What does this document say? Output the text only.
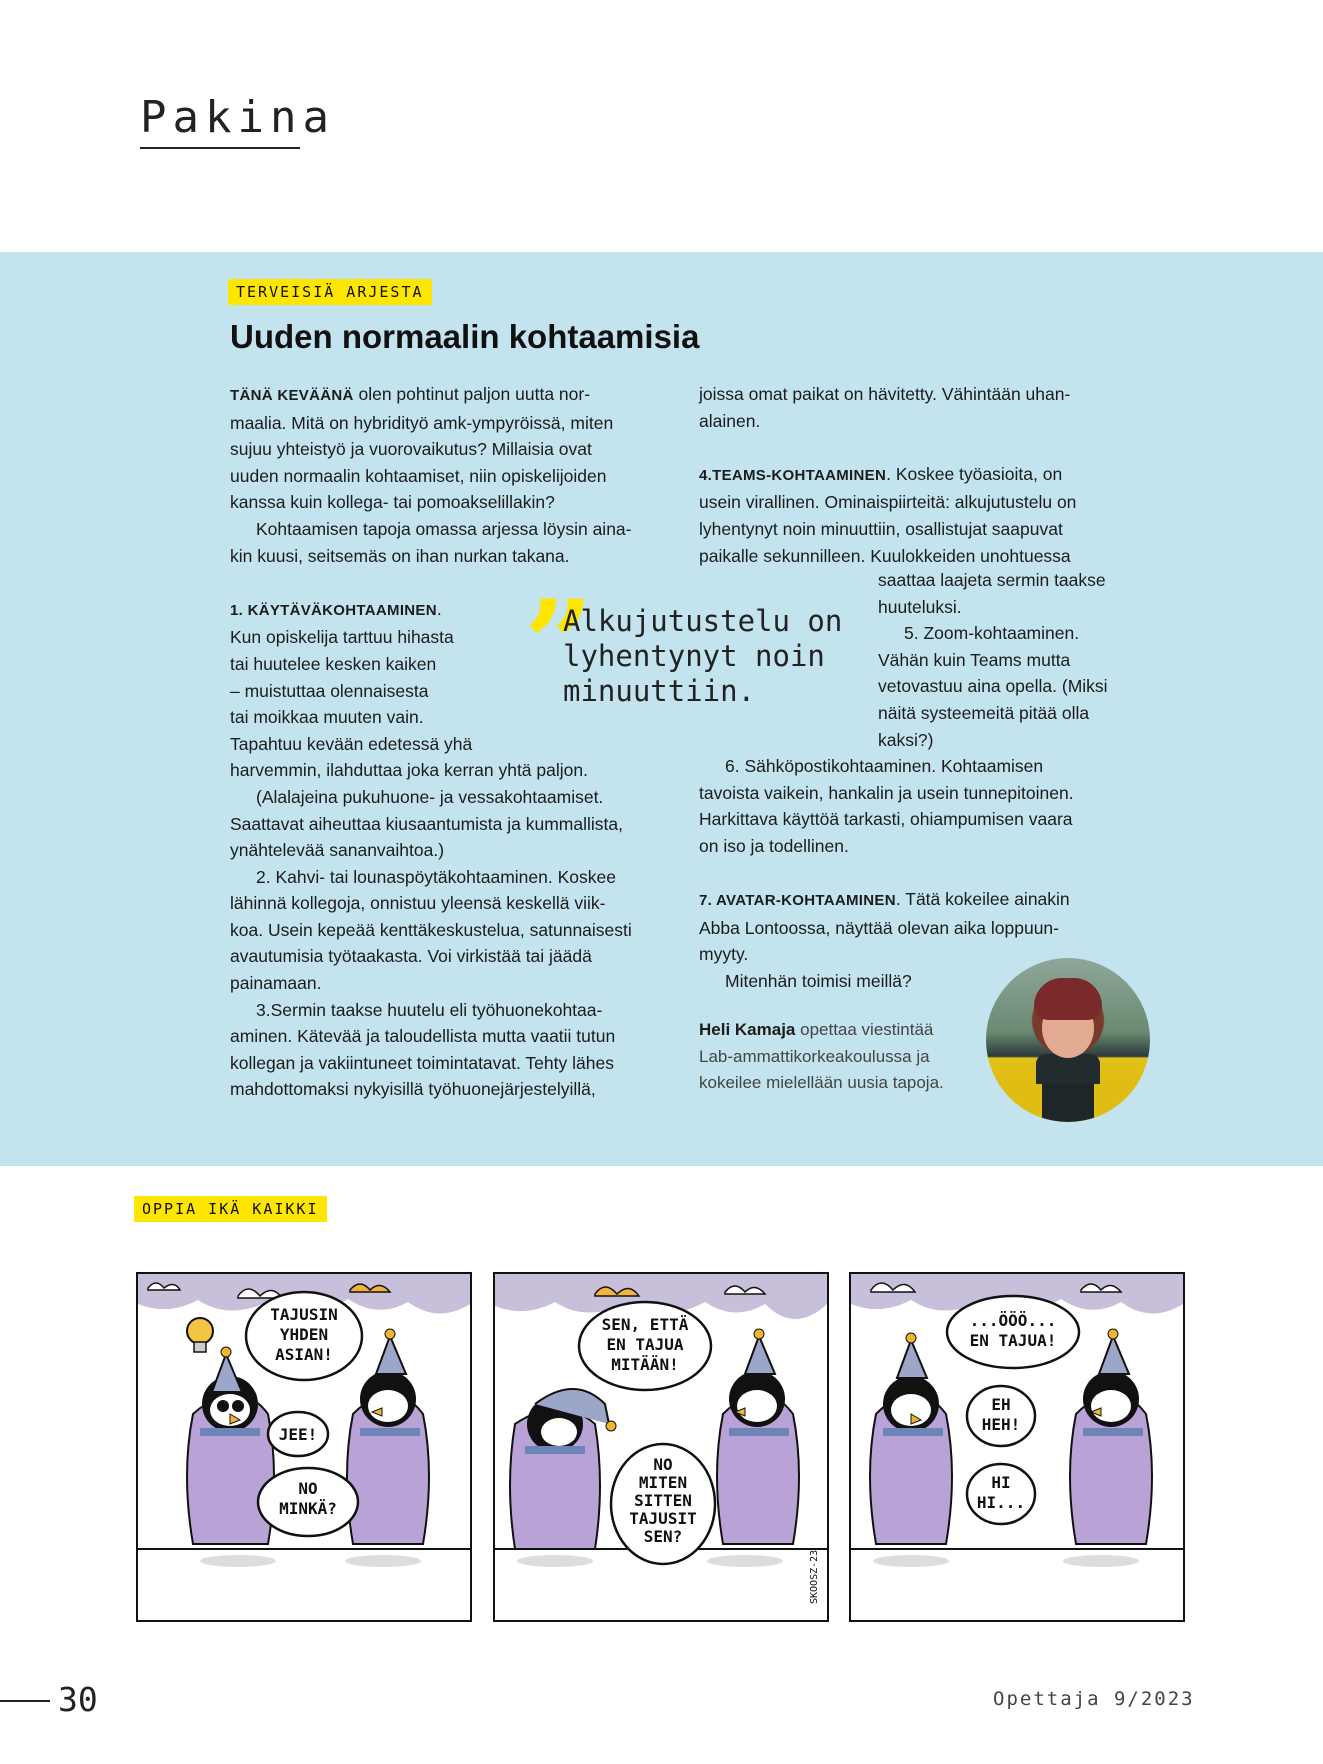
Pakina
TERVEISIÄ ARJESTA
Uuden normaalin kohtaamisia

TÄNÄ KEVÄÄNÄ olen pohtinut paljon uutta nor-

maalia. Mitä on hybridityö amk-ympyröissä, miten

sujuu yhteistyö ja vuorovaikutus? Millaisia ovat

uuden normaalin kohtaamiset, niin opiskelijoiden

kanssa kuin kollega- tai pomoakselillakin?

Kohtaamisen tapoja omassa arjessa löysin aina-

kin kuusi, seitsemäs on ihan nurkan takana.

1. KÄYTÄVÄKOHTAAMINEN.

Kun opiskelija tarttuu hihasta

tai huutelee kesken kaiken

– muistuttaa olennaisesta

tai moikkaa muuten vain.

Tapahtuu kevään edetessä yhä

harvemmin, ilahduttaa joka kerran yhtä paljon.

(Alalajeina pukuhuone- ja vessakohtaamiset.

Saattavat aiheuttaa kiusaantumista ja kummallista,

ynähtelevää sananvaihtoa.)

2. Kahvi- tai lounaspöytäkohtaaminen. Koskee

lähinnä kollegoja, onnistuu yleensä keskellä viik-

koa. Usein kepeää kenttäkeskustelua, satunnaisesti

avautumisia työtaakasta. Voi virkistää tai jäädä

painamaan.

3.Sermin taakse huutelu eli työhuonekohtaa-

aminen. Kätevää ja taloudellista mutta vaatii tutun

kollegan ja vakiintuneet toimintatavat. Tehty lähes

mahdottomaksi nykyisillä työhuonejärjestelyillä,

joissa omat paikat on hävitetty. Vähintään uhan-

alainen.

4.TEAMS-KOHTAAMINEN. Koskee työasioita, on

usein virallinen. Ominaispiirteitä: alkujutustelu on

lyhentynyt noin minuuttiin, osallistujat saapuvat

paikalle sekunnilleen. Kuulokkeiden unohtuessa

saattaa laajeta sermin taakse

huuteluksi.

5. Zoom-kohtaaminen.

Vähän kuin Teams mutta

vetovastuu aina opella. (Miksi

näitä systeemeitä pitää olla

kaksi?)

6. Sähköpostikohtaaminen. Kohtaamisen

tavoista vaikein, hankalin ja usein tunnepitoinen.

Harkittava käyttöä tarkasti, ohiampumisen vaara

on iso ja todellinen.

7. AVATAR-KOHTAAMINEN. Tätä kokeilee ainakin

Abba Lontoossa, näyttää olevan aika loppuun-

myyty.

Mitenhän toimisi meillä?

”
Alkujutustelu on
lyhentynyt noin
minuuttiin.
Heli Kamaja opettaa viestintää
Lab-ammattikorkeakoulussa ja
kokeilee mielellään uusia tapoja.
OPPIA IKÄ KAIKKI
TAJUSIN
YHDEN
ASIAN!
JEE!
NO
MINKÄ?
SEN, ETTÄ
EN TAJUA
MITÄÄN!
NO
MITEN
SITTEN
TAJUSIT
SEN?
SKOOSZ-23
...ÖÖÖ...
EN TAJUA!
EH
HEH!
HI
HI...
30	Opettaja 9/2023
